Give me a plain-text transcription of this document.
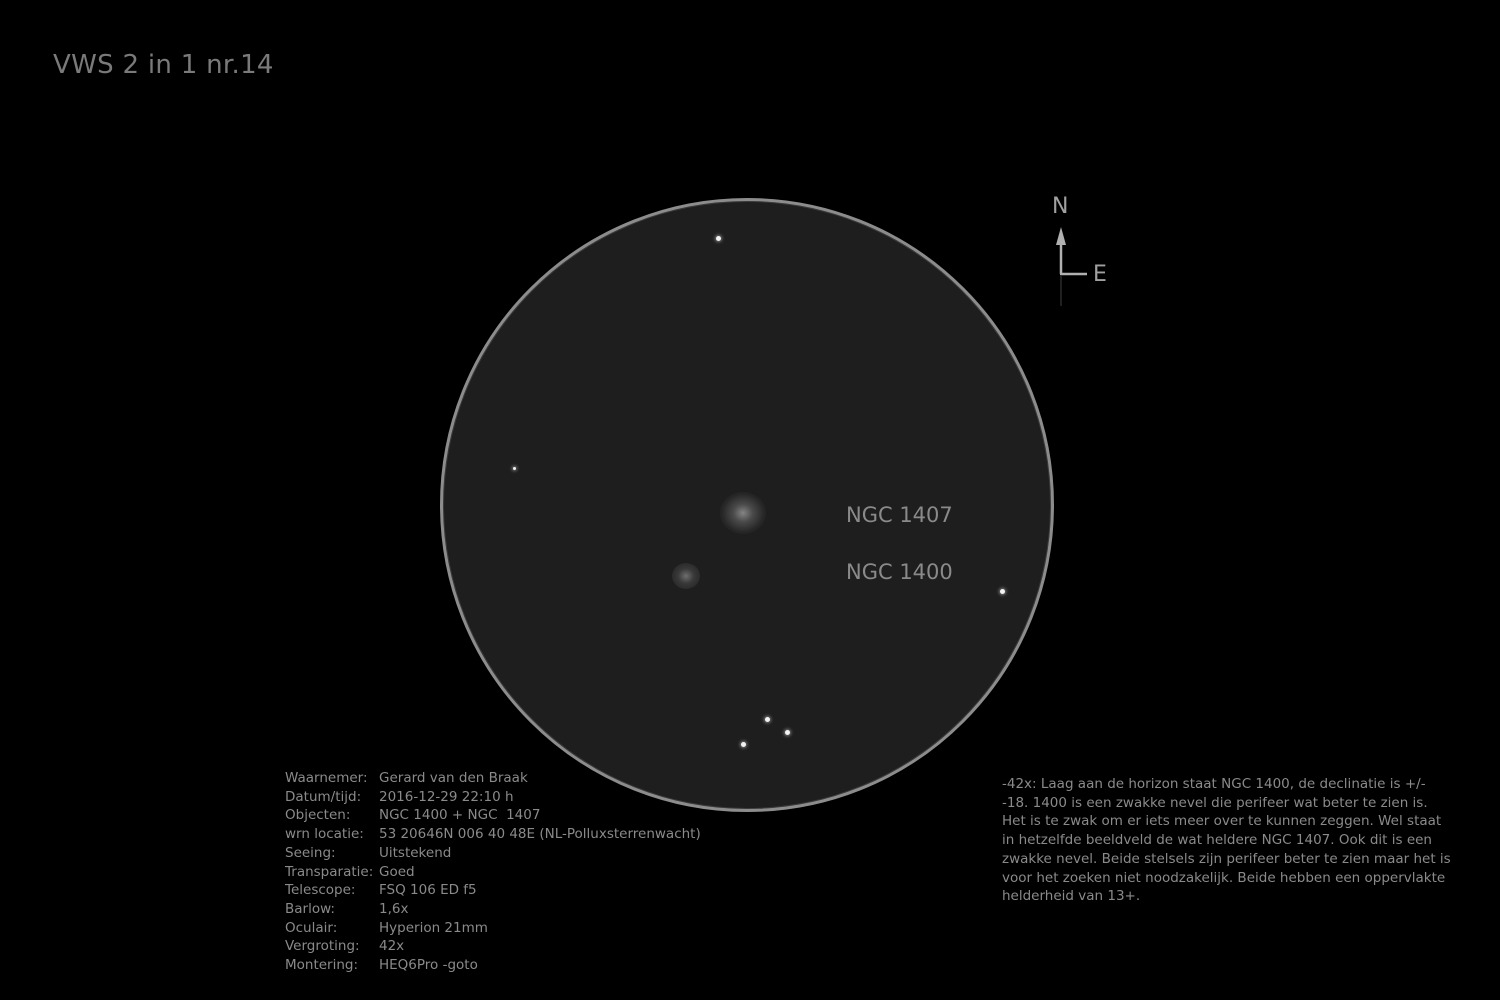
VWS 2 in 1 nr.14
NGC 1407
NGC 1400
N
E
Waarnemer: Gerard van den Braak
Datum/tijd:	2016-12-29 22:10 h
Objecten:	NGC 1400 + NGC  1407
wrn locatie:	53 20646N 006 40 48E (NL-Polluxsterrenwacht)
Seeing:	Uitstekend
Transparatie: Goed
Telescope:	FSQ 106 ED f5
Barlow:	1,6x
Oculair:	Hyperion 21mm
Vergroting:	42x
Montering:	HEQ6Pro -goto
-42x: Laag aan de horizon staat NGC 1400, de declinatie is +/- -18. 1400 is een zwakke nevel die perifeer wat beter te zien is. Het is te zwak om er iets meer over te kunnen zeggen. Wel staat in hetzelfde beeldveld de wat heldere NGC 1407. Ook dit is een zwakke nevel. Beide stelsels zijn perifeer beter te zien maar het is voor het zoeken niet noodzakelijk. Beide hebben een oppervlakte helderheid van 13+.
